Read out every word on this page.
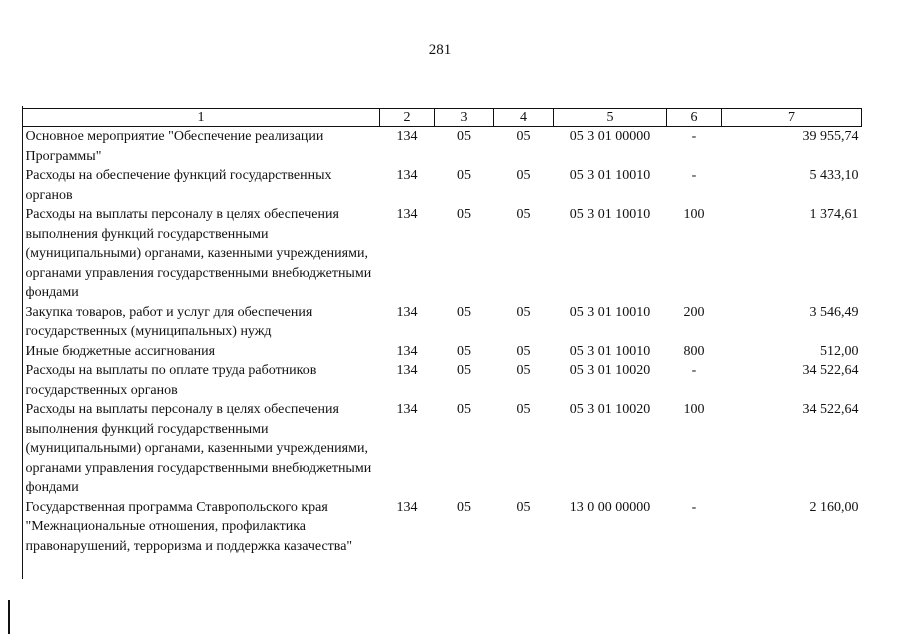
281
1	2	3	4	5	6	7
Основное мероприятие "Обеспечение реализации Программы"	134	05	05	05 3 01 00000	-	39 955,74
Расходы на обеспечение функций государственных органов	134	05	05	05 3 01 10010	-	5 433,10
Расходы на выплаты персоналу в целях обеспечения выполнения функций государственными (муниципальными) органами, казенными учреждениями, органами управления государственными внебюджетными фондами	134	05	05	05 3 01 10010	100	1 374,61
Закупка товаров, работ и услуг для обеспечения государственных (муниципальных) нужд	134	05	05	05 3 01 10010	200	3 546,49
Иные бюджетные ассигнования	134	05	05	05 3 01 10010	800	512,00
Расходы на выплаты по оплате труда работников государственных органов	134	05	05	05 3 01 10020	-	34 522,64
Расходы на выплаты персоналу в целях обеспечения выполнения функций государственными (муниципальными) органами, казенными учреждениями, органами управления государственными внебюджетными фондами	134	05	05	05 3 01 10020	100	34 522,64
Государственная программа Ставропольского края "Межнациональные отношения, профилактика правонарушений, терроризма и поддержка казачества"	134	05	05	13 0 00 00000	-	2 160,00
